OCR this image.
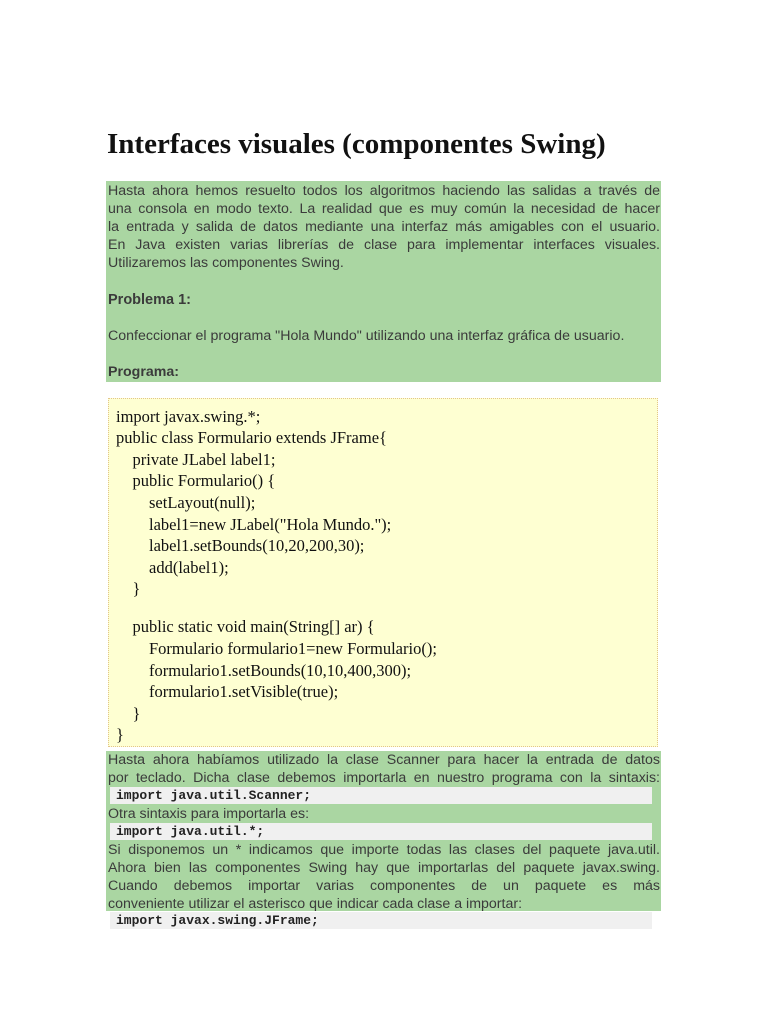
Interfaces visuales (componentes Swing)

Hasta ahora hemos resuelto todos los algoritmos haciendo las salidas a través de

una consola en modo texto. La realidad que es muy común la necesidad de hacer

la entrada y salida de datos mediante una interfaz más amigables con el usuario.

En Java existen varias librerías de clase para implementar interfaces visuales.

Utilizaremos las componentes Swing.

Problema 1:

Confeccionar el programa "Hola Mundo" utilizando una interfaz gráfica de usuario.

Programa:

import javax.swing.*;

public class Formulario extends JFrame{

private JLabel label1;

public Formulario() {

setLayout(null);

label1=new JLabel("Hola Mundo.");

label1.setBounds(10,20,200,30);

add(label1);

}

public static void main(String[] ar) {

Formulario formulario1=new Formulario();

formulario1.setBounds(10,10,400,300);

formulario1.setVisible(true);

}

}

Hasta ahora habíamos utilizado la clase Scanner para hacer la entrada de datos

por teclado. Dicha clase debemos importarla en nuestro programa con la sintaxis:

Otra sintaxis para importarla es:

Si disponemos un * indicamos que importe todas las clases del paquete java.util.

Ahora bien las componentes Swing hay que importarlas del paquete javax.swing.

Cuando debemos importar varias componentes de un paquete es más

conveniente utilizar el asterisco que indicar cada clase a importar:

import java.util.Scanner;

import java.util.*;

import javax.swing.JFrame;
